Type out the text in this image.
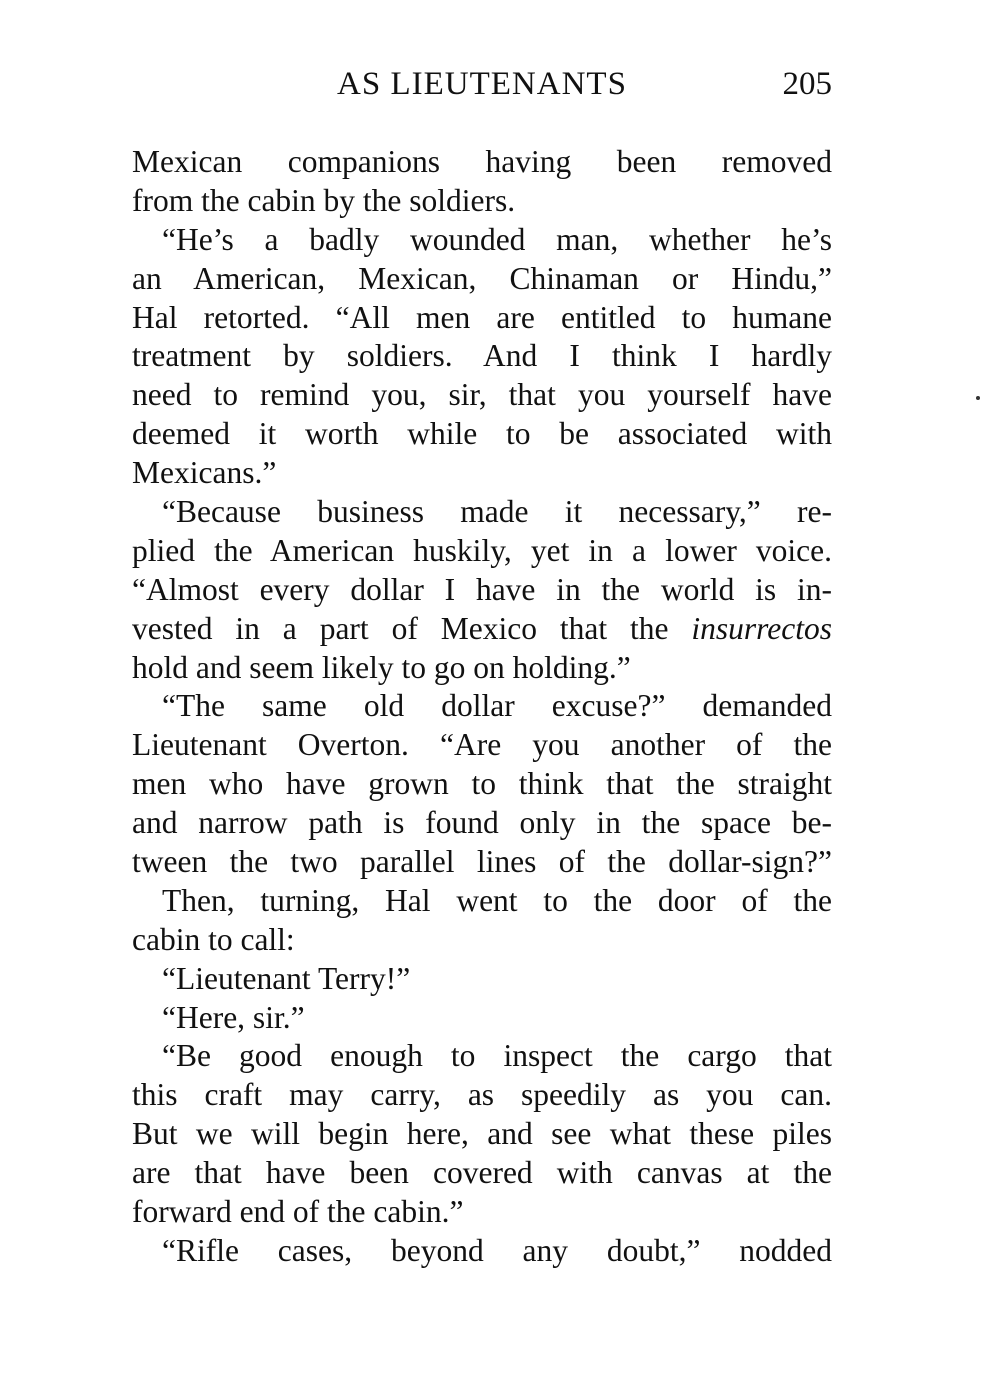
AS LIEUTENANTS	205
Mexican companions having been removed
from the cabin by the soldiers.
“He’s a badly wounded man, whether he’s
an American, Mexican, Chinaman or Hindu,”
Hal retorted. “All men are entitled to humane
treatment by soldiers. And I think I hardly
need to remind you, sir, that you yourself have
deemed it worth while to be associated with
Mexicans.”
“Because business made it necessary,” re-
plied the American huskily, yet in a lower voice.
“Almost every dollar I have in the world is in-
vested in a part of Mexico that the insurrectos
hold and seem likely to go on holding.”
“The same old dollar excuse?” demanded
Lieutenant Overton. “Are you another of the
men who have grown to think that the straight
and narrow path is found only in the space be-
tween the two parallel lines of the dollar-sign?”
Then, turning, Hal went to the door of the
cabin to call:
“Lieutenant Terry!”
“Here, sir.”
“Be good enough to inspect the cargo that
this craft may carry, as speedily as you can.
But we will begin here, and see what these piles
are that have been covered with canvas at the
forward end of the cabin.”
“Rifle cases, beyond any doubt,” nodded
